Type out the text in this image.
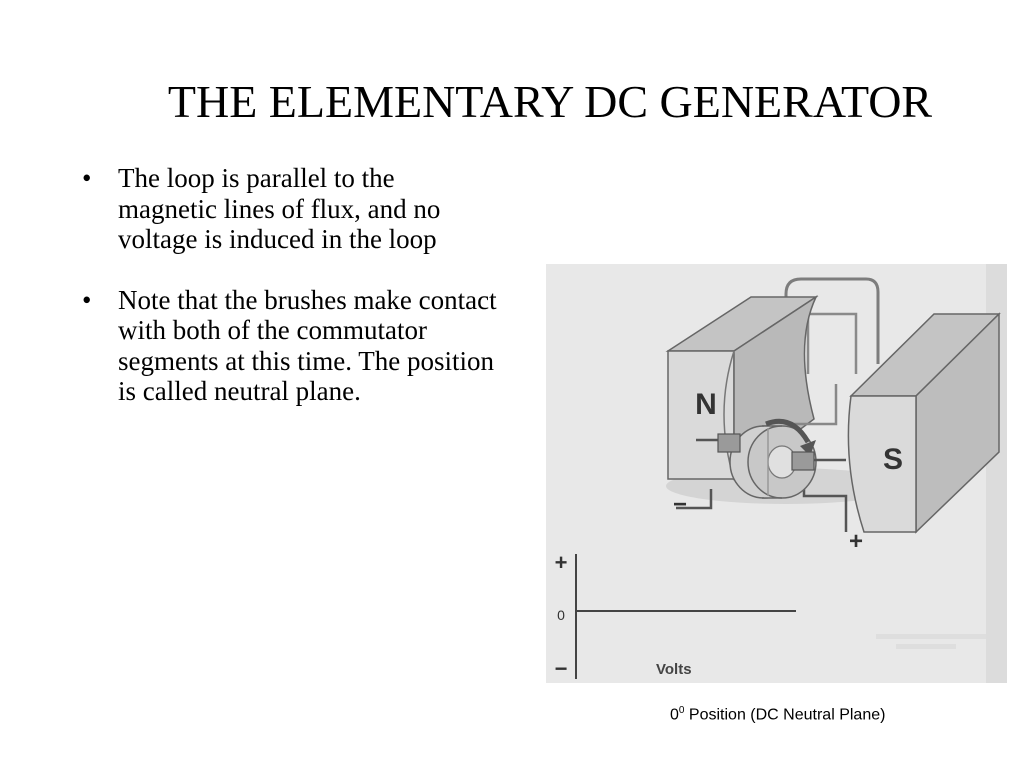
THE ELEMENTARY DC GENERATOR
• The loop is parallel to the magnetic lines of flux, and no voltage is induced in the loop
• Note that the brushes make contact with both of the commutator segments at this time. The position is called neutral plane.	N
S
−
+
+
0
−	Volts
$0^0$ Position (DC Neutral Plane)
